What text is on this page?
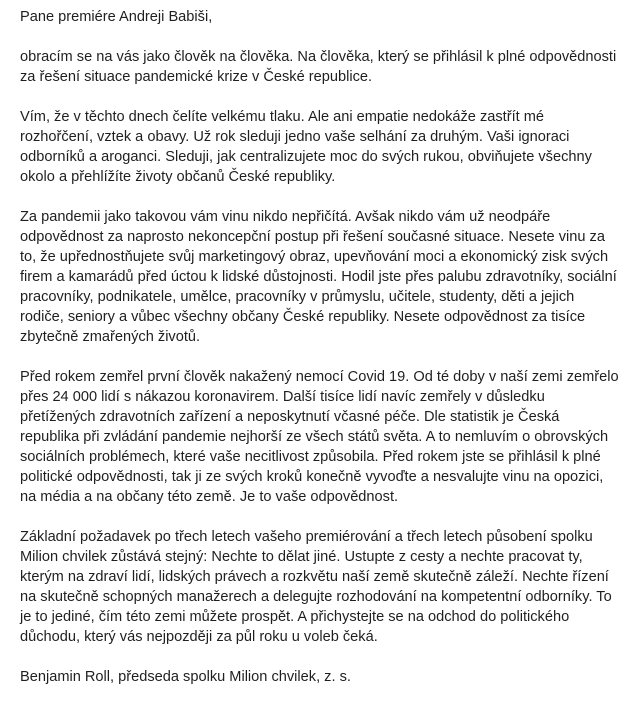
Pane premiére Andreji Babiši,

obracím se na vás jako člověk na člověka. Na člověka, který se přihlásil k plné odpovědnosti za řešení situace pandemické krize v České republice.

Vím, že v těchto dnech čelíte velkému tlaku. Ale ani empatie nedokáže zastřít mé rozhořčení, vztek a obavy. Už rok sleduji jedno vaše selhání za druhým. Vaši ignoraci odborníků a aroganci. Sleduji, jak centralizujete moc do svých rukou, obviňujete všechny okolo a přehlížíte životy občanů České republiky.

Za pandemii jako takovou vám vinu nikdo nepřičítá. Avšak nikdo vám už neodpáře odpovědnost za naprosto nekoncepční postup při řešení současné situace. Nesete vinu za to, že upřednostňujete svůj marketingový obraz, upevňování moci a ekonomický zisk svých firem a kamarádů před úctou k lidské důstojnosti. Hodil jste přes palubu zdravotníky, sociální pracovníky, podnikatele, umělce, pracovníky v průmyslu, učitele, studenty, děti a jejich rodiče, seniory a vůbec všechny občany České republiky. Nesete odpovědnost za tisíce zbytečně zmařených životů.

Před rokem zemřel první člověk nakažený nemocí Covid 19. Od té doby v naší zemi zemřelo přes 24 000 lidí s nákazou koronavirem. Další tisíce lidí navíc zemřely v důsledku přetížených zdravotních zařízení a neposkytnutí včasné péče. Dle statistik je Česká republika při zvládání pandemie nejhorší ze všech států světa. A to nemluvím o obrovských sociálních problémech, které vaše necitlivost způsobila. Před rokem jste se přihlásil k plné politické odpovědnosti, tak ji ze svých kroků konečně vyvoďte a nesvalujte vinu na opozici, na média a na občany této země. Je to vaše odpovědnost.

Základní požadavek po třech letech vašeho premiérování a třech letech působení spolku Milion chvilek zůstává stejný: Nechte to dělat jiné. Ustupte z cesty a nechte pracovat ty, kterým na zdraví lidí, lidských právech a rozkvětu naší země skutečně záleží. Nechte řízení na skutečně schopných manažerech a delegujte rozhodování na kompetentní odborníky. To je to jediné, čím této zemi můžete prospět. A přichystejte se na odchod do politického důchodu, který vás nejpozději za půl roku u voleb čeká.

Benjamin Roll, předseda spolku Milion chvilek, z. s.
